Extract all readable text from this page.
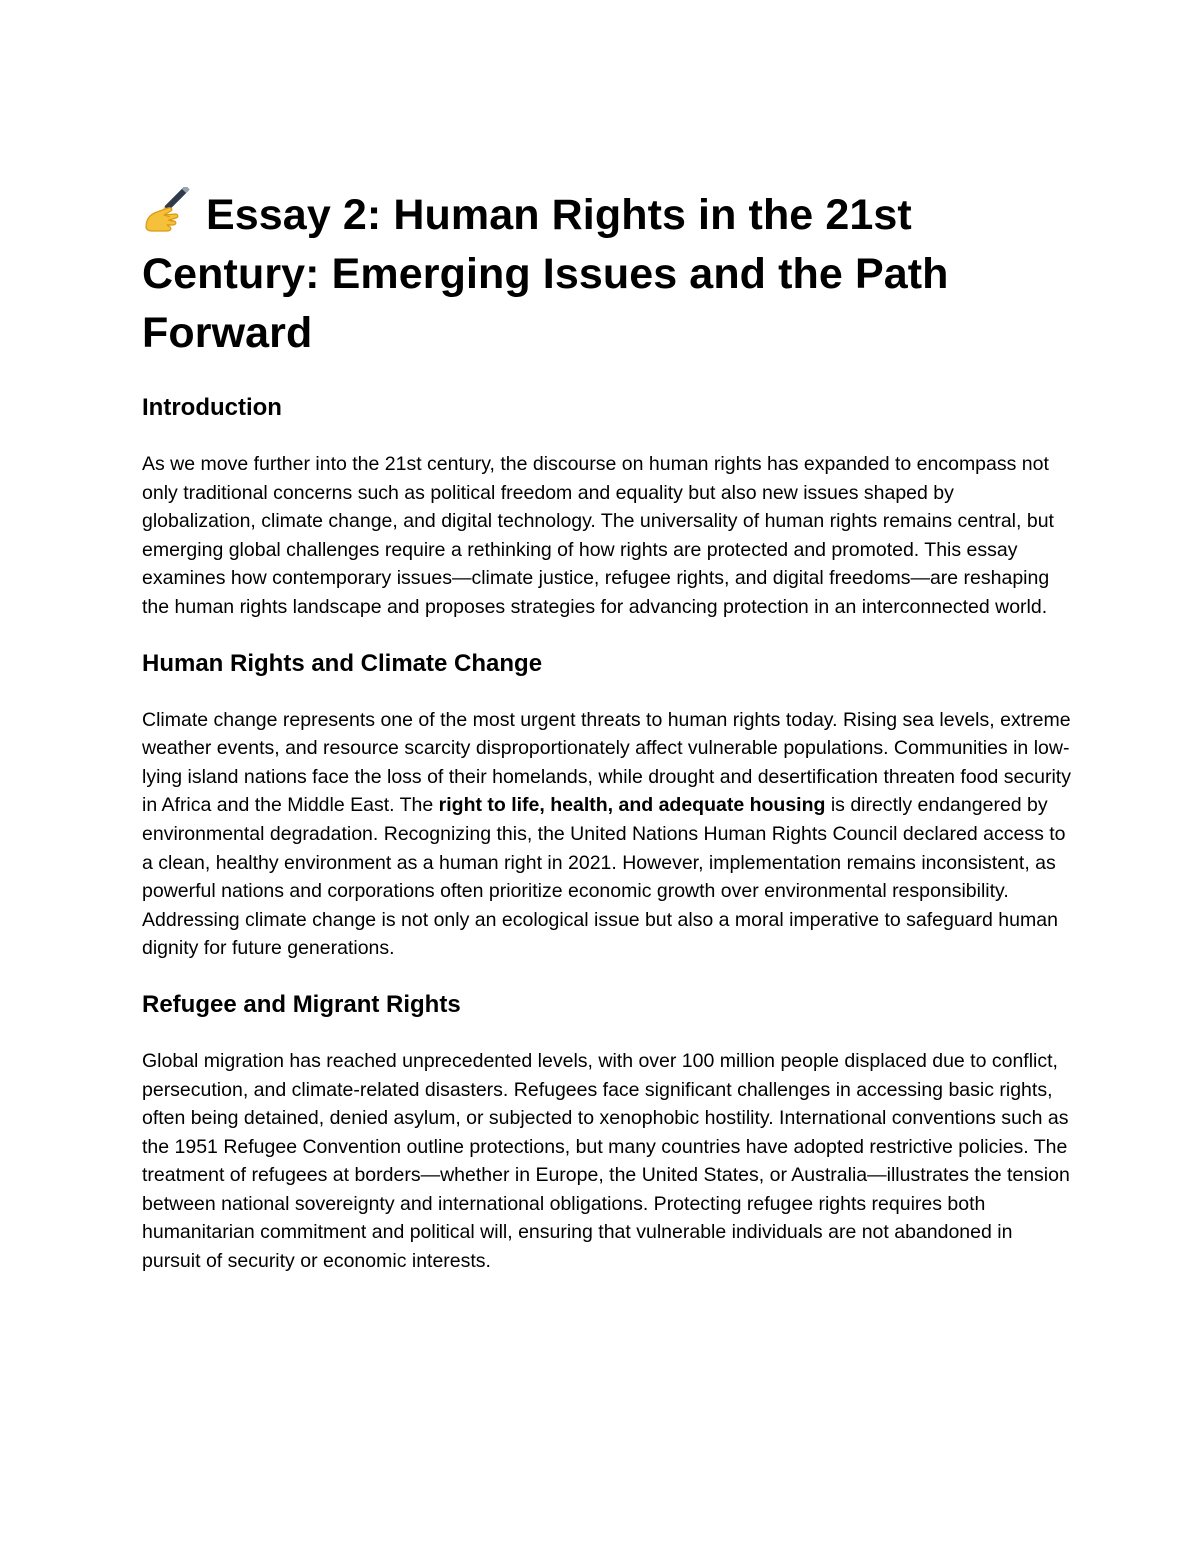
Essay 2: Human Rights in the 21st Century: Emerging Issues and the Path Forward
Introduction

As we move further into the 21st century, the discourse on human rights has expanded to encompass not only traditional concerns such as political freedom and equality but also new issues shaped by globalization, climate change, and digital technology. The universality of human rights remains central, but emerging global challenges require a rethinking of how rights are protected and promoted. This essay examines how contemporary issues—climate justice, refugee rights, and digital freedoms—are reshaping the human rights landscape and proposes strategies for advancing protection in an interconnected world.

Human Rights and Climate Change

Climate change represents one of the most urgent threats to human rights today. Rising sea levels, extreme weather events, and resource scarcity disproportionately affect vulnerable populations. Communities in low-lying island nations face the loss of their homelands, while drought and desertification threaten food security in Africa and the Middle East. The right to life, health, and adequate housing is directly endangered by environmental degradation. Recognizing this, the United Nations Human Rights Council declared access to a clean, healthy environment as a human right in 2021. However, implementation remains inconsistent, as powerful nations and corporations often prioritize economic growth over environmental responsibility. Addressing climate change is not only an ecological issue but also a moral imperative to safeguard human dignity for future generations.

Refugee and Migrant Rights

Global migration has reached unprecedented levels, with over 100 million people displaced due to conflict, persecution, and climate-related disasters. Refugees face significant challenges in accessing basic rights, often being detained, denied asylum, or subjected to xenophobic hostility. International conventions such as the 1951 Refugee Convention outline protections, but many countries have adopted restrictive policies. The treatment of refugees at borders—whether in Europe, the United States, or Australia—illustrates the tension between national sovereignty and international obligations. Protecting refugee rights requires both humanitarian commitment and political will, ensuring that vulnerable individuals are not abandoned in pursuit of security or economic interests.
